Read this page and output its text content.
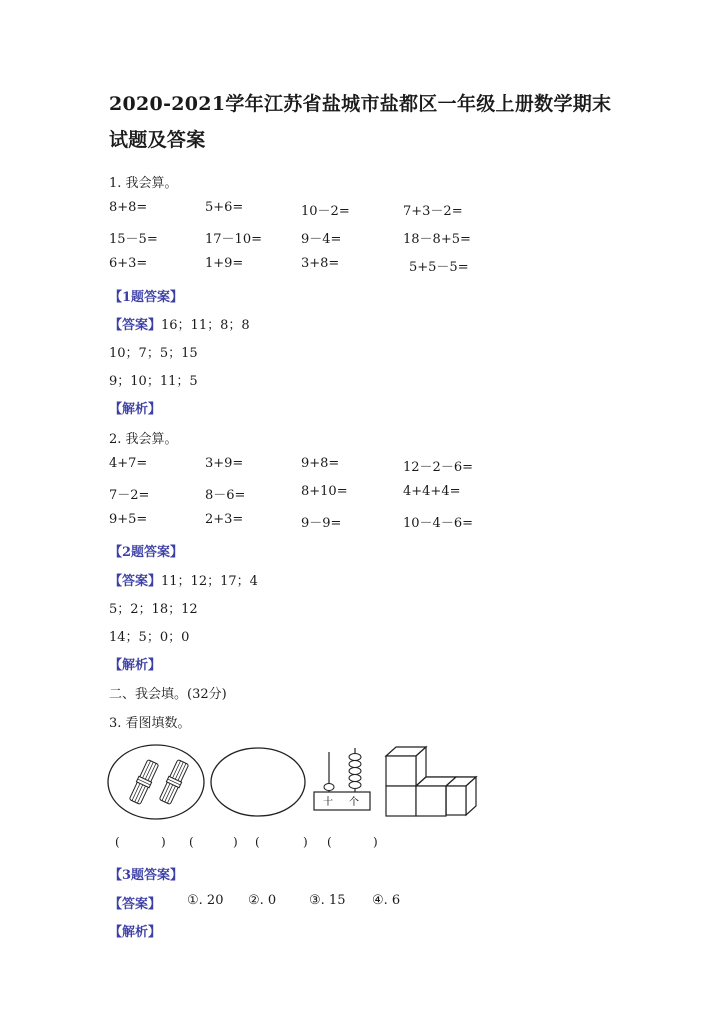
2020-2021学年江苏省盐城市盐都区一年级上册数学期末试题及答案
1. 我会算。
8+8=	5+6=	10－2=	7+3－2=
15－5=	17－10=	9－4=	18－8+5=
6+3=	1+9=	3+8=	5+5－5=
【1题答案】
【答案】16；11；8；8
10；7；5；15
9；10；11；5
【解析】
2. 我会算。
4+7=	3+9=	9+8=	12－2－6=
7－2=	8－6=	8+10=	4+4+4=
9+5=	2+3=	9－9=	10－4－6=
【2题答案】
【答案】11；12；17；4
5；2；18；12
14；5；0；0
【解析】
二、我会填。(32分)
3. 看图填数。
十 个
(	) (	) (	) (	)
【3题答案】
【答案】 ①. 20 ②. 0	③. 15 ④. 6
【解析】
